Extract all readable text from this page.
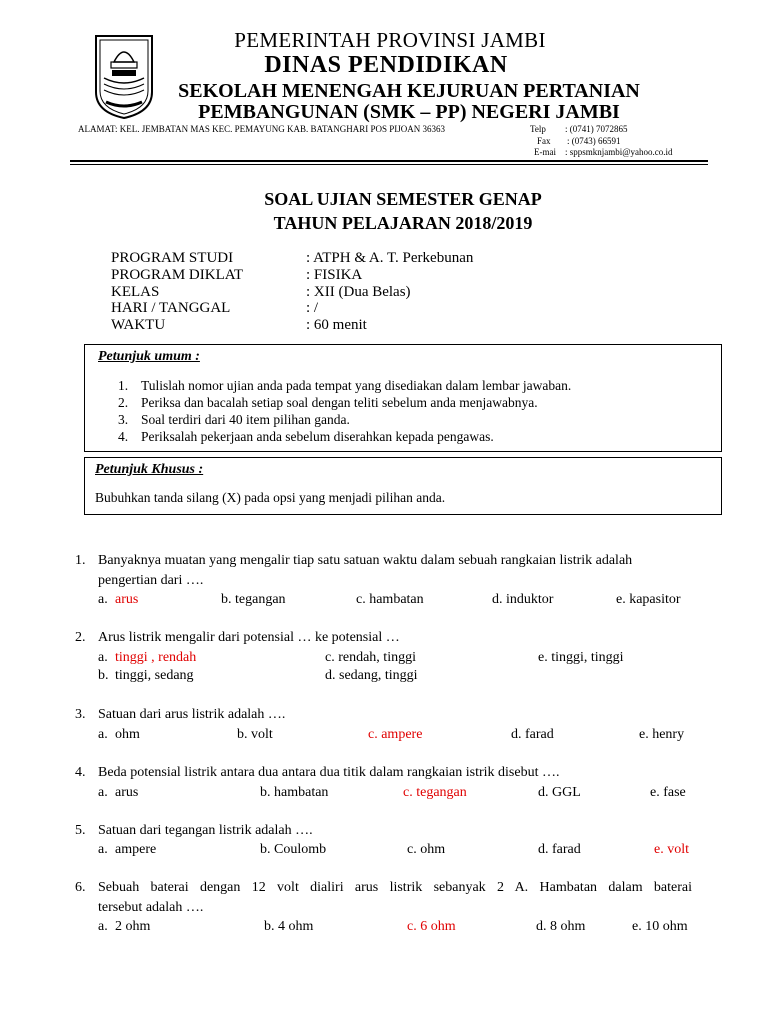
PEMERINTAH PROVINSI JAMBI
DINAS PENDIDIKAN
SEKOLAH MENENGAH KEJURUAN PERTANIAN
PEMBANGUNAN (SMK – PP) NEGERI JAMBI
ALAMAT: KEL. JEMBATAN MAS KEC. PEMAYUNG KAB. BATANGHARI POS PIJOAN 36363	Telp : (0741) 7072865
Fax : (0743) 66591
E-mai : sppsmknjambi@yahoo.co.id
SOAL UJIAN SEMESTER GENAP
TAHUN PELAJARAN 2018/2019
PROGRAM STUDI	: ATPH & A. T. Perkebunan
PROGRAM DIKLAT	: FISIKA
KELAS	: XII (Dua Belas)
HARI / TANGGAL	: /
WAKTU	: 60 menit
Petunjuk umum :
1. Tulislah nomor ujian anda pada tempat yang disediakan dalam lembar jawaban.
2. Periksa dan bacalah setiap soal dengan teliti sebelum anda menjawabnya.
3. Soal terdiri dari 40 item pilihan ganda.
4. Periksalah pekerjaan anda sebelum diserahkan kepada pengawas.
Petunjuk Khusus :
Bubuhkan tanda silang (X) pada opsi yang menjadi pilihan anda.
1. Banyaknya muatan yang mengalir tiap satu satuan waktu dalam sebuah rangkaian listrik adalah
pengertian dari ….
a. arus	b. tegangan	c. hambatan	d. induktor	e. kapasitor
2. Arus listrik mengalir dari potensial … ke potensial …
a. tinggi , rendah	c. rendah, tinggi	e. tinggi, tinggi
b. tinggi, sedang	d. sedang, tinggi
3. Satuan dari arus listrik adalah ….
a. ohm	b. volt	c. ampere	d. farad	e. henry
4. Beda potensial listrik antara dua antara dua titik dalam rangkaian istrik disebut ….
a. arus	b. hambatan	c. tegangan	d. GGL	e. fase
5. Satuan dari tegangan listrik adalah ….
a. ampere	b. Coulomb	c. ohm	d. farad	e. volt
6. Sebuah baterai dengan 12 volt dialiri arus listrik sebanyak 2 A. Hambatan dalam baterai
tersebut adalah ….
a. 2 ohm	b. 4 ohm	c. 6 ohm	d. 8 ohm	e. 10 ohm
